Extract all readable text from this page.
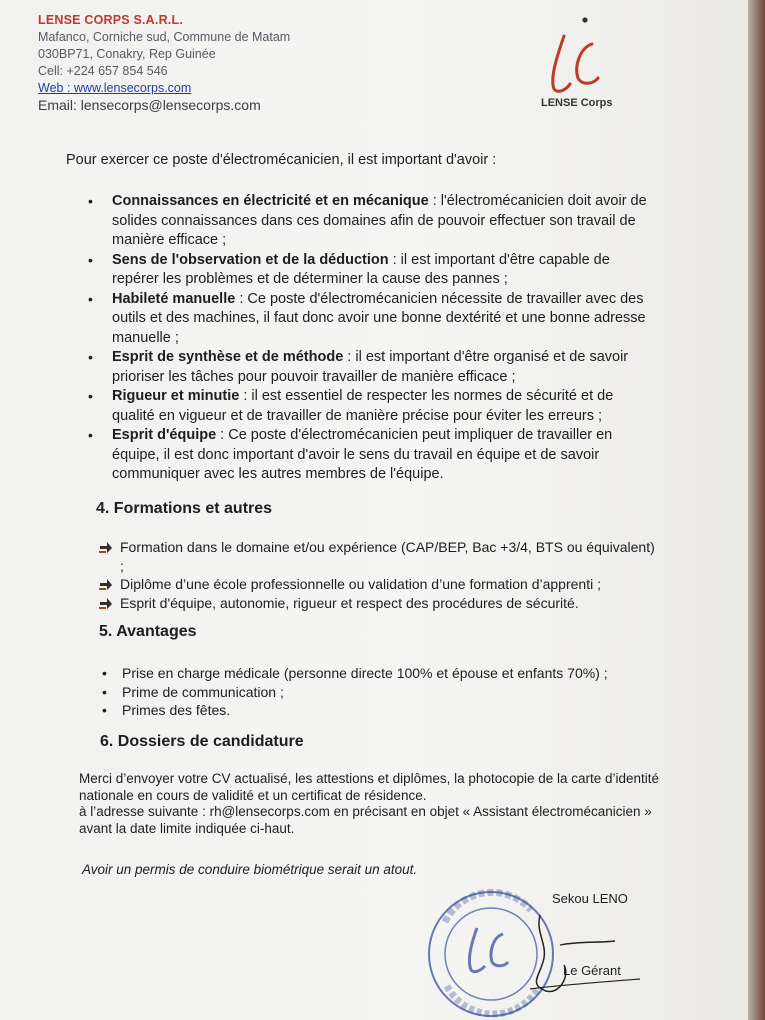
LENSE CORPS S.A.R.L.
Mafanco, Corniche sud, Commune de Matam
030BP71, Conakry, Rep Guinée
Cell: +224 657 854 546
Web : www.lensecorps.com
Email: lensecorps@lensecorps.com	LENSE Corps
Pour exercer ce poste d'électromécanicien, il est important d'avoir :
• Connaissances en électricité et en mécanique : l'électromécanicien doit avoir de solides connaissances dans ces domaines afin de pouvoir effectuer son travail de manière efficace ;
• Sens de l'observation et de la déduction : il est important d'être capable de repérer les problèmes et de déterminer la cause des pannes ;
• Habileté manuelle : Ce poste d'électromécanicien nécessite de travailler avec des outils et des machines, il faut donc avoir une bonne dextérité et une bonne adresse manuelle ;
• Esprit de synthèse et de méthode : il est important d'être organisé et de savoir prioriser les tâches pour pouvoir travailler de manière efficace ;
• Rigueur et minutie : il est essentiel de respecter les normes de sécurité et de qualité en vigueur et de travailler de manière précise pour éviter les erreurs ;
• Esprit d'équipe : Ce poste d'électromécanicien peut impliquer de travailler en équipe, il est donc important d'avoir le sens du travail en équipe et de savoir communiquer avec les autres membres de l'équipe.
4. Formations et autres
Formation dans le domaine et/ou expérience (CAP/BEP, Bac +3/4, BTS ou équivalent) ;
Diplôme d’une école professionnelle ou validation d’une formation d’apprenti ;
Esprit d'équipe, autonomie, rigueur et respect des procédures de sécurité.
5. Avantages
• Prise en charge médicale (personne directe 100% et épouse et enfants 70%) ;
• Prime de communication ;
• Primes des fêtes.
6. Dossiers de candidature
Merci d’envoyer votre CV actualisé, les attestions et diplômes, la photocopie de la carte d’identité nationale en cours de validité et un certificat de résidence.
à l’adresse suivante : rh@lensecorps.com en précisant en objet « Assistant électromécanicien » avant la date limite indiquée ci-haut.
Avoir un permis de conduire biométrique serait un atout.
Sekou LENO
Le Gérant
